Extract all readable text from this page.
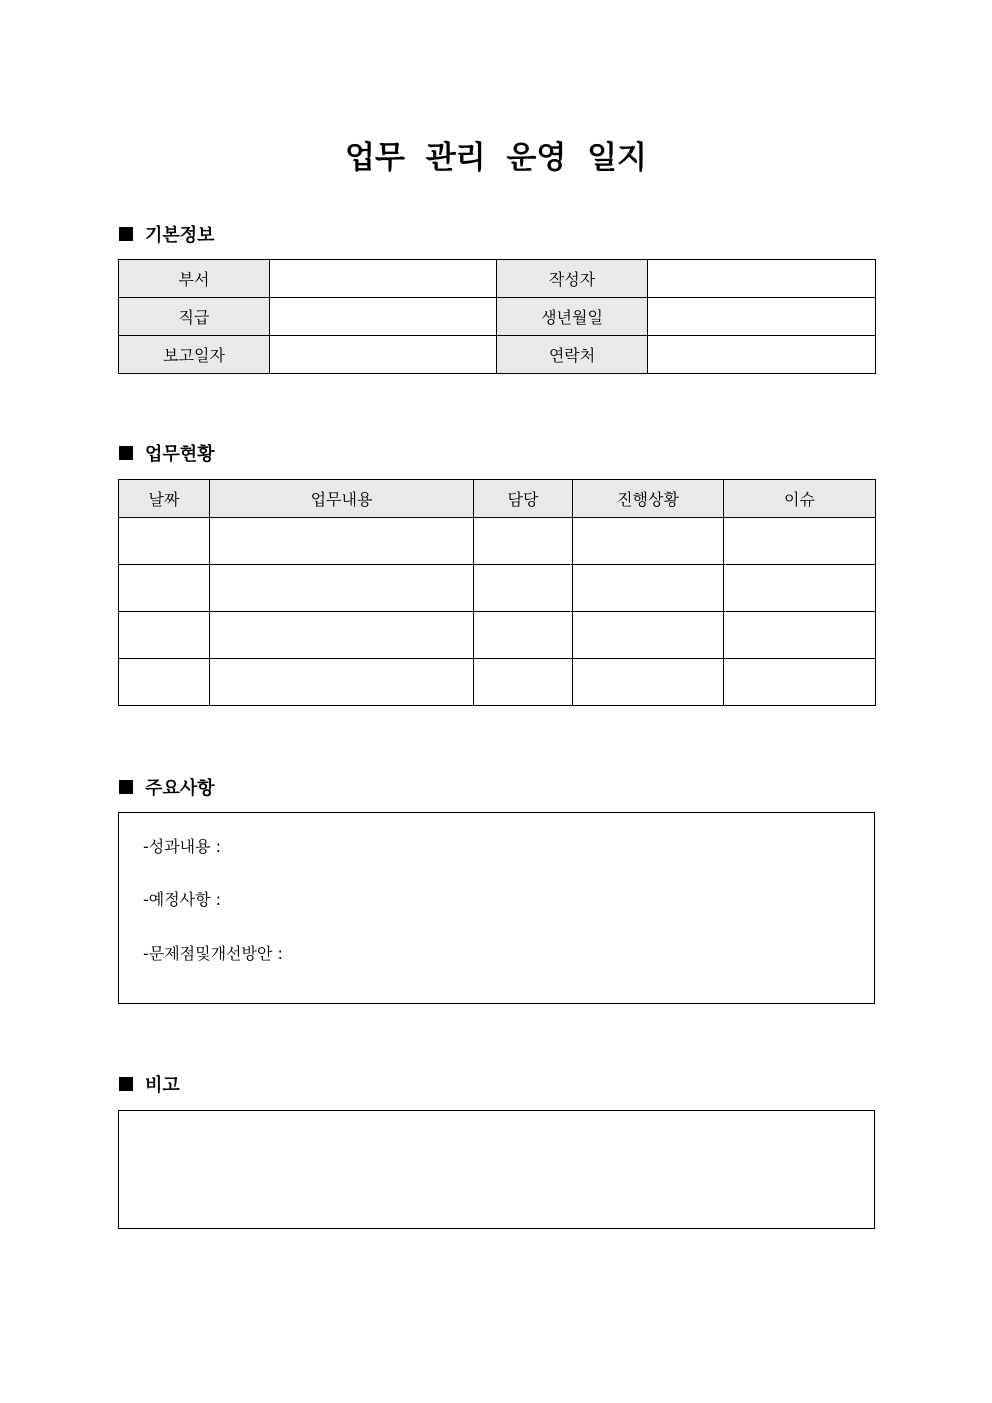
업무 관리 운영 일지
기본정보
부서		작성자	
직급		생년월일	
보고일자		연락처	
업무현황
날짜	업무내용	담당	진행상황	이슈

주요사항
-성과내용 :
-예정사항 :
-문제점및개선방안 :
비고
